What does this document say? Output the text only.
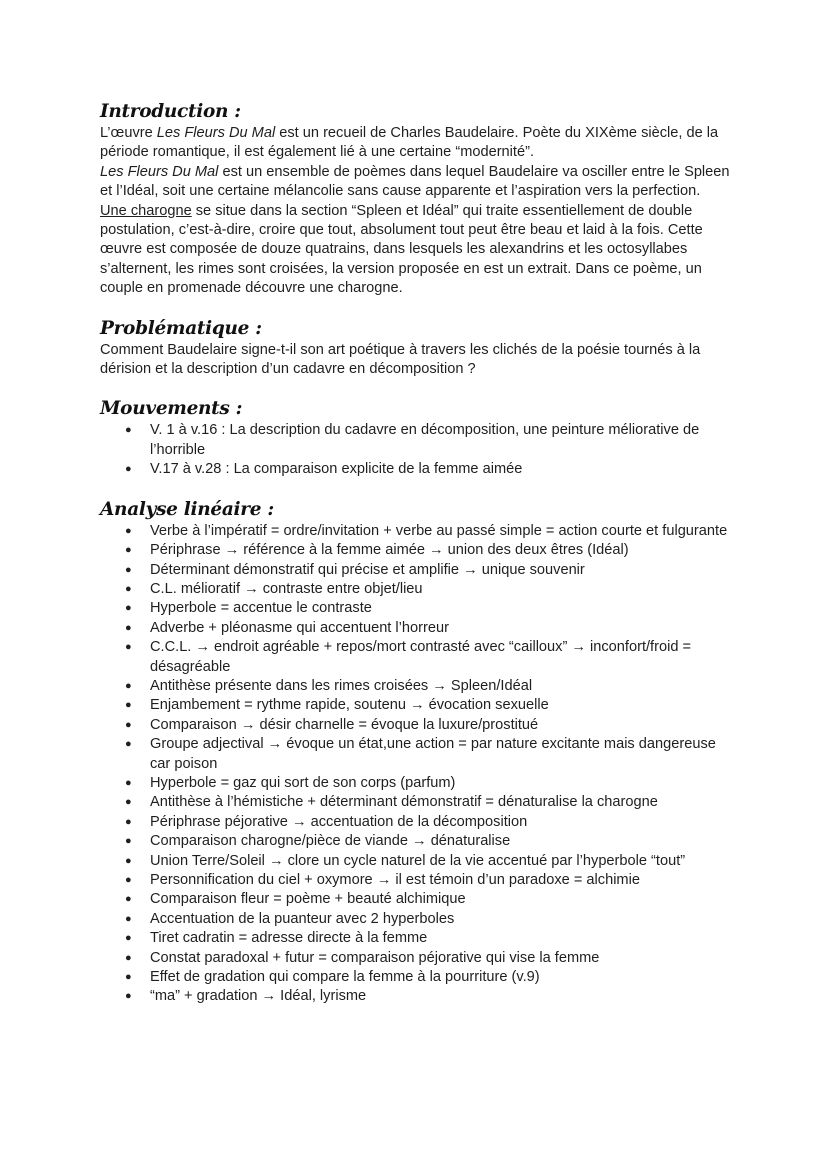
Introduction :

L’œuvre Les Fleurs Du Mal est un recueil de Charles Baudelaire. Poète du XIXème siècle, de la période romantique, il est également lié à une certaine “modernité”.

Les Fleurs Du Mal est un ensemble de poèmes dans lequel Baudelaire va osciller entre le Spleen et l’Idéal, soit une certaine mélancolie sans cause apparente et l’aspiration vers la perfection. Une charogne se situe dans la section “Spleen et Idéal” qui traite essentiellement de double postulation, c’est-à-dire, croire que tout, absolument tout peut être beau et laid à la fois. Cette œuvre est composée de douze quatrains, dans lesquels les alexandrins et les octosyllabes s’alternent, les rimes sont croisées, la version proposée en est un extrait. Dans ce poème, un couple en promenade découvre une charogne.

Problématique :

Comment Baudelaire signe-t-il son art poétique à travers les clichés de la poésie tournés à la dérision et la description d’un cadavre en décomposition ?

Mouvements :
● V. 1 à v.16 : La description du cadavre en décomposition, une peinture méliorative de l’horrible
● V.17 à v.28 : La comparaison explicite de la femme aimée
Analyse linéaire :
● Verbe à l’impératif = ordre/invitation + verbe au passé simple = action courte et fulgurante
● Périphrase → référence à la femme aimée → union des deux êtres (Idéal)
● Déterminant démonstratif qui précise et amplifie → unique souvenir
● C.L. mélioratif → contraste entre objet/lieu
● Hyperbole = accentue le contraste
● Adverbe + pléonasme qui accentuent l’horreur
● C.C.L. → endroit agréable + repos/mort contrasté avec “cailloux” → inconfort/froid = désagréable
● Antithèse présente dans les rimes croisées → Spleen/Idéal
● Enjambement = rythme rapide, soutenu → évocation sexuelle
● Comparaison → désir charnelle = évoque la luxure/prostitué
● Groupe adjectival → évoque un état,une action = par nature excitante mais dangereuse car poison
● Hyperbole = gaz qui sort de son corps (parfum)
● Antithèse à l’hémistiche + déterminant démonstratif = dénaturalise la charogne
● Périphrase péjorative → accentuation de la décomposition
● Comparaison charogne/pièce de viande → dénaturalise
● Union Terre/Soleil → clore un cycle naturel de la vie accentué par l’hyperbole “tout”
● Personnification du ciel + oxymore → il est témoin d’un paradoxe = alchimie
● Comparaison fleur = poème + beauté alchimique
● Accentuation de la puanteur avec 2 hyperboles
● Tiret cadratin = adresse directe à la femme
● Constat paradoxal + futur = comparaison péjorative qui vise la femme
● Effet de gradation qui compare la femme à la pourriture (v.9)
● “ma” + gradation → Idéal, lyrisme
